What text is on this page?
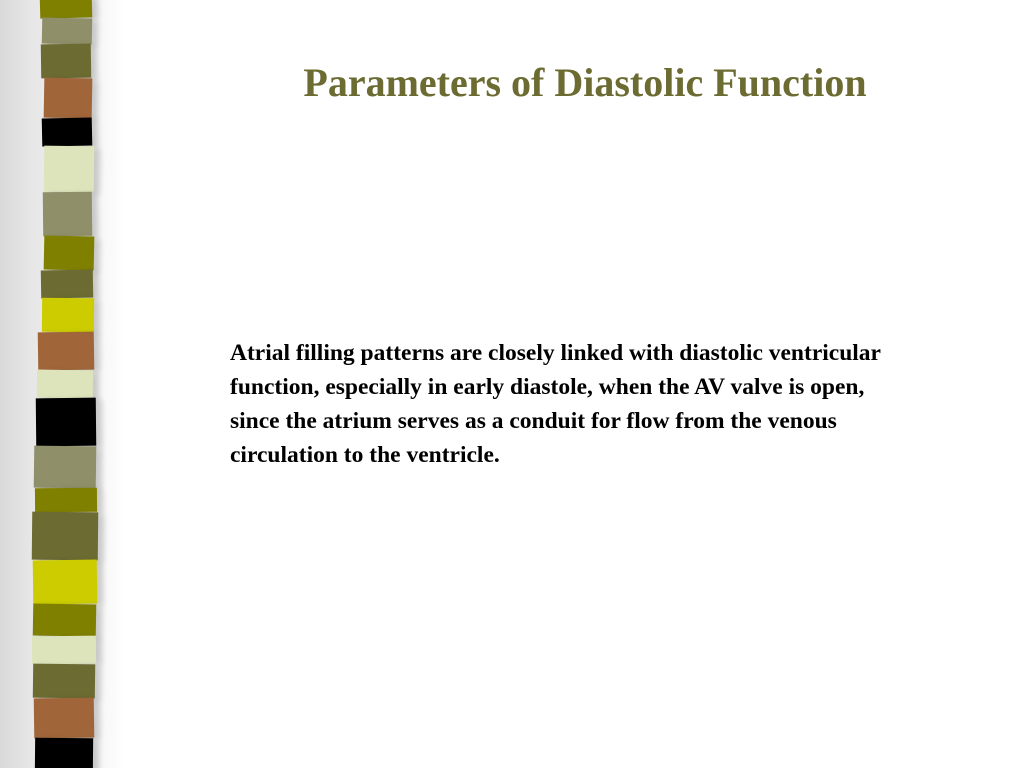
Parameters of Diastolic Function

Atrial filling patterns are closely linked with diastolic ventricular function, especially in early diastole, when the AV valve is open, since the atrium serves as a conduit for flow from the venous circulation to the ventricle.
